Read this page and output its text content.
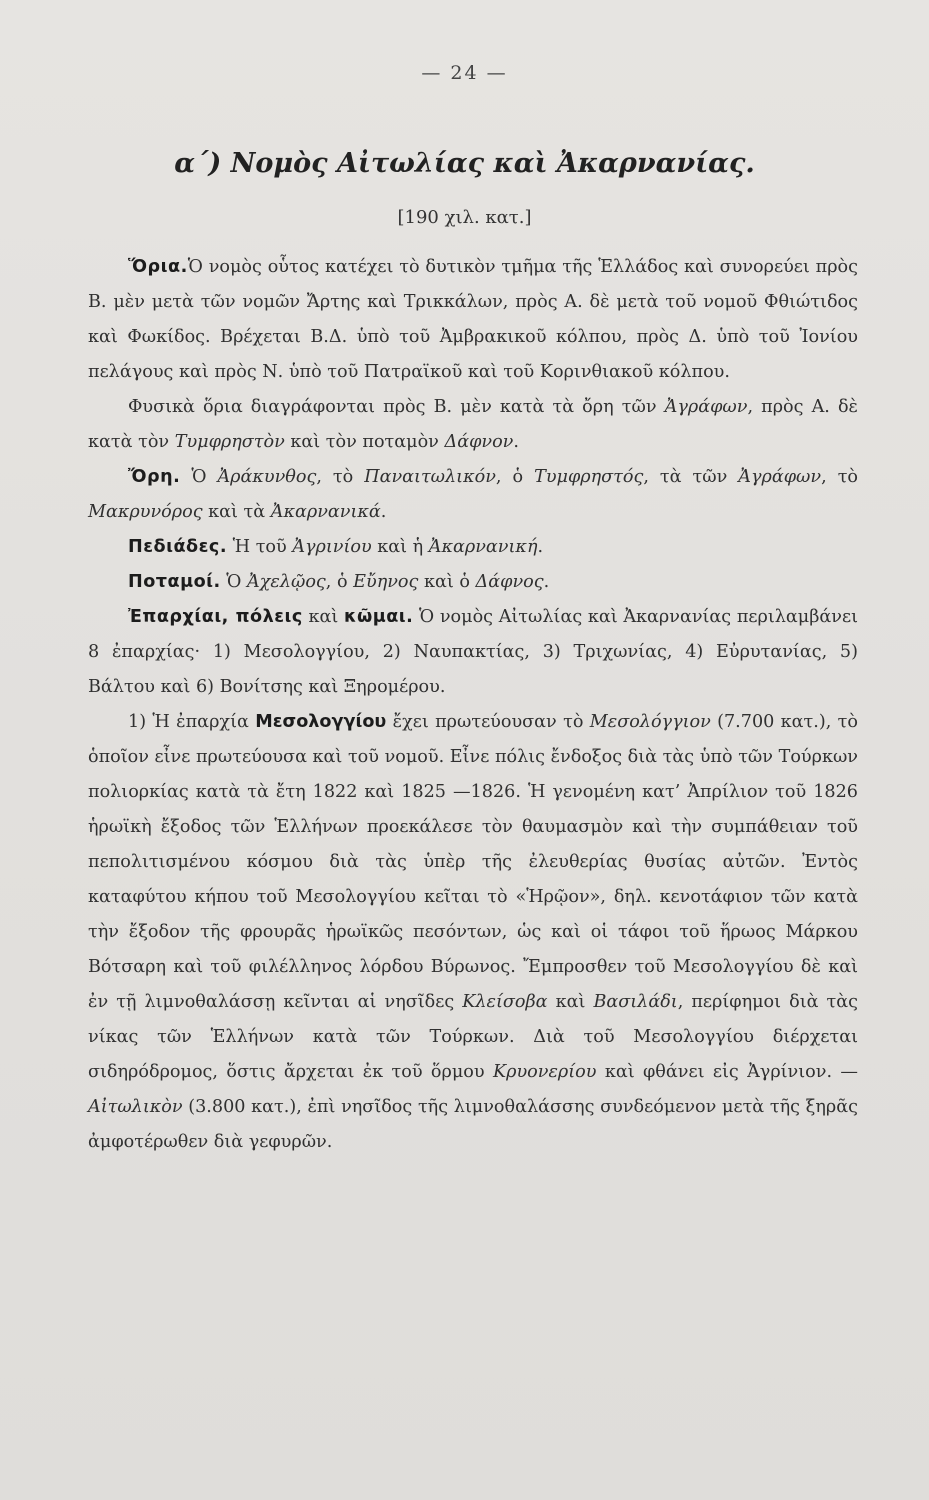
— 24 —
α΄) Νομὸς Αἰτωλίας καὶ Ἀκαρνανίας.
[190 χιλ. κατ.]

Ὅρια.Ὁ νομὸς οὗτος κατέχει τὸ δυτικὸν τμῆμα τῆς Ἑλλάδος καὶ συνορεύει πρὸς Β. μὲν μετὰ τῶν νομῶν Ἄρτης καὶ Τρικκάλων, πρὸς Α. δὲ μετὰ τοῦ νομοῦ Φθιώτιδος καὶ Φωκίδος. Βρέχεται Β.Δ. ὑπὸ τοῦ Ἀμβρακικοῦ κόλπου, πρὸς Δ. ὑπὸ τοῦ Ἰονίου πελάγους καὶ πρὸς Ν. ὑπὸ τοῦ Πατραϊκοῦ καὶ τοῦ Κορινθιακοῦ κόλπου.

Φυσικὰ ὅρια διαγράφονται πρὸς Β. μὲν κατὰ τὰ ὄρη τῶν Ἀγράφων, πρὸς Α. δὲ κατὰ τὸν Τυμφρηστὸν καὶ τὸν ποταμὸν Δάφνον.

Ὄρη. Ὁ Ἀράκυνθος, τὸ Παναιτωλικόν, ὁ Τυμφρηστός, τὰ τῶν Ἀγράφων, τὸ Μακρυνόρος καὶ τὰ Ἀκαρνανικά.

Πεδιάδες. Ἡ τοῦ Ἀγρινίου καὶ ἡ Ἀκαρνανική.

Ποταμοί. Ὁ Ἀχελῷος, ὁ Εὔηνος καὶ ὁ Δάφνος.

Ἐπαρχίαι, πόλεις καὶ κῶμαι. Ὁ νομὸς Αἰτωλίας καὶ Ἀκαρνανίας περιλαμβάνει 8 ἐπαρχίας· 1) Μεσολογγίου, 2) Ναυπακτίας, 3) Τριχωνίας, 4) Εὐρυτανίας, 5) Βάλτου καὶ 6) Βονίτσης καὶ Ξηρομέρου.

1) Ἡ ἐπαρχία Μεσολογγίου ἔχει πρωτεύουσαν τὸ Μεσολόγγιον (7.700 κατ.), τὸ ὁποῖον εἶνε πρωτεύουσα καὶ τοῦ νομοῦ. Εἶνε πόλις ἔνδοξος διὰ τὰς ὑπὸ τῶν Τούρκων πολιορκίας κατὰ τὰ ἔτη 1822 καὶ 1825 —1826. Ἡ γενομένη κατ’ Ἀπρίλιον τοῦ 1826 ἡρωϊκὴ ἔξοδος τῶν Ἑλλήνων προεκάλεσε τὸν θαυμασμὸν καὶ τὴν συμπάθειαν τοῦ πεπολιτισμένου κόσμου διὰ τὰς ὑπὲρ τῆς ἐλευθερίας θυσίας αὐτῶν. Ἐντὸς καταφύτου κήπου τοῦ Μεσολογγίου κεῖται τὸ «Ἡρῷον», δηλ. κενοτάφιον τῶν κατὰ τὴν ἔξοδον τῆς φρουρᾶς ἡρωϊκῶς πεσόντων, ὡς καὶ οἱ τάφοι τοῦ ἥρωος Μάρκου Βότσαρη καὶ τοῦ φιλέλληνος λόρδου Βύρωνος. Ἔμπροσθεν τοῦ Μεσολογγίου δὲ καὶ ἐν τῇ λιμνοθαλάσσῃ κεῖνται αἱ νησῖδες Κλείσοβα καὶ Βασιλάδι, περίφημοι διὰ τὰς νίκας τῶν Ἑλλήνων κατὰ τῶν Τούρκων. Διὰ τοῦ Μεσολογγίου διέρχεται σιδηρόδρομος, ὅστις ἄρχεται ἐκ τοῦ ὅρμου Κρυονερίου καὶ φθάνει εἰς Ἀγρίνιον. — Αἰτωλικὸν (3.800 κατ.), ἐπὶ νησῖδος τῆς λιμνοθαλάσσης συνδεόμενον μετὰ τῆς ξηρᾶς ἀμφοτέρωθεν διὰ γεφυρῶν.
